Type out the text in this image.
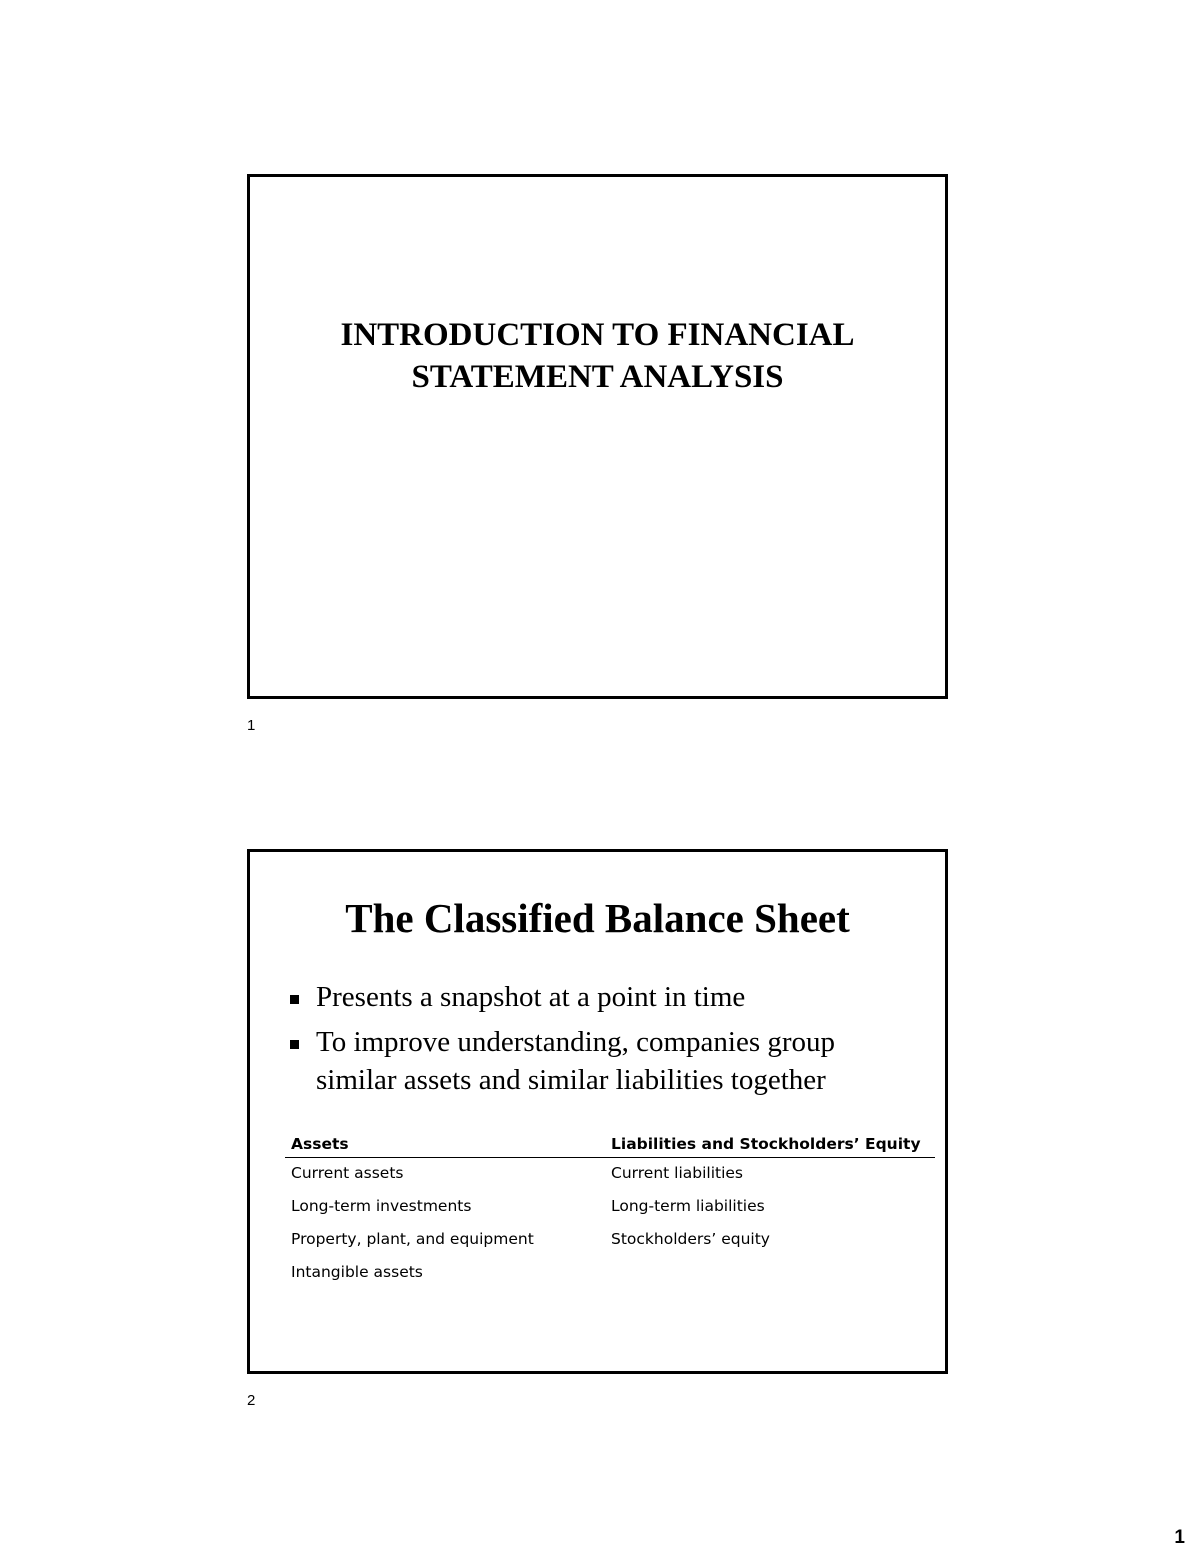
INTRODUCTION TO FINANCIAL
STATEMENT ANALYSIS
1
The Classified Balance Sheet
Presents a snapshot at a point in time
To improve understanding, companies group similar assets and similar liabilities together
Assets	Liabilities and Stockholders’ Equity
Current assets	Current liabilities
Long-term investments	Long-term liabilities
Property, plant, and equipment	Stockholders’ equity
Intangible assets	
2
1
